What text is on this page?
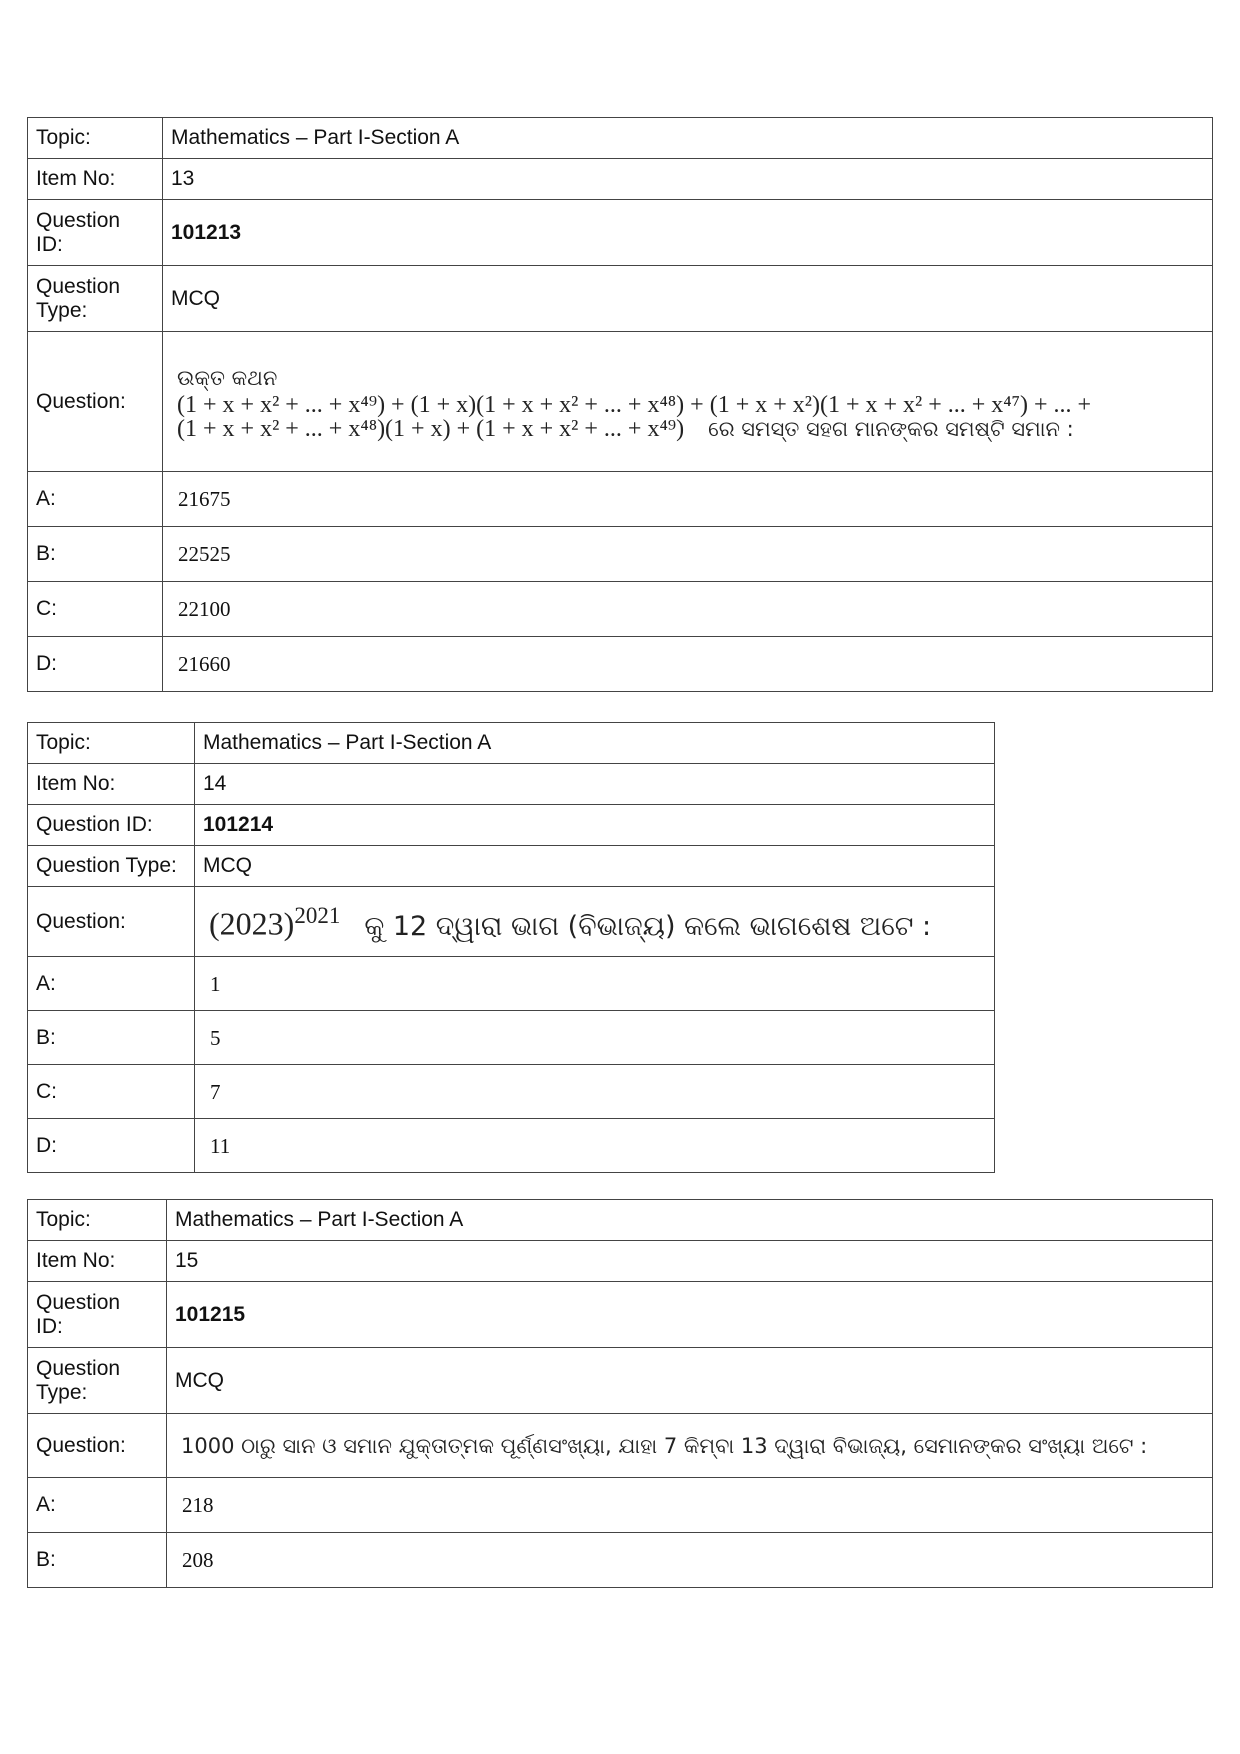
Topic:	Mathematics – Part I-Section A
Item No:	13
Question ID:	101213
Question Type:	MCQ
Question:	ଉକ୍ତ କଥନ
(1 + x + x² + ... + x⁴⁹) + (1 + x)(1 + x + x² + ... + x⁴⁸) + (1 + x + x²)(1 + x + x² + ... + x⁴⁷) + ... +
(1 + x + x² + ... + x⁴⁸)(1 + x) + (1 + x + x² + ... + x⁴⁹) ରେ ସମସ୍ତ ସହଗ ମାନଙ୍କର ସମଷ୍ଟି ସମାନ :

A:	21675
B:	22525
C:	22100
D:	21660
Topic:	Mathematics – Part I-Section A
Item No:	14
Question ID:	101214
Question Type:	MCQ
Question:	$(2023)^{2021}$ କୁ 12 ଦ୍ୱାରା ଭାଗ (ବିଭାଜ୍ୟ) କଲେ ଭାଗଶେଷ ଅଟେ :
A:	1
B:	5
C:	7
D:	11
Topic:	Mathematics – Part I-Section A
Item No:	15
Question ID:	101215
Question Type:	MCQ
Question:	1000 ଠାରୁ ସାନ ଓ ସମାନ ଯୁକ୍ତାତ୍ମକ ପୂର୍ଣ୍ଣସଂଖ୍ୟା, ଯାହା 7 କିମ୍ବା 13 ଦ୍ୱାରା ବିଭାଜ୍ୟ, ସେମାନଙ୍କର ସଂଖ୍ୟା ଅଟେ :
A:	218
B:	208
